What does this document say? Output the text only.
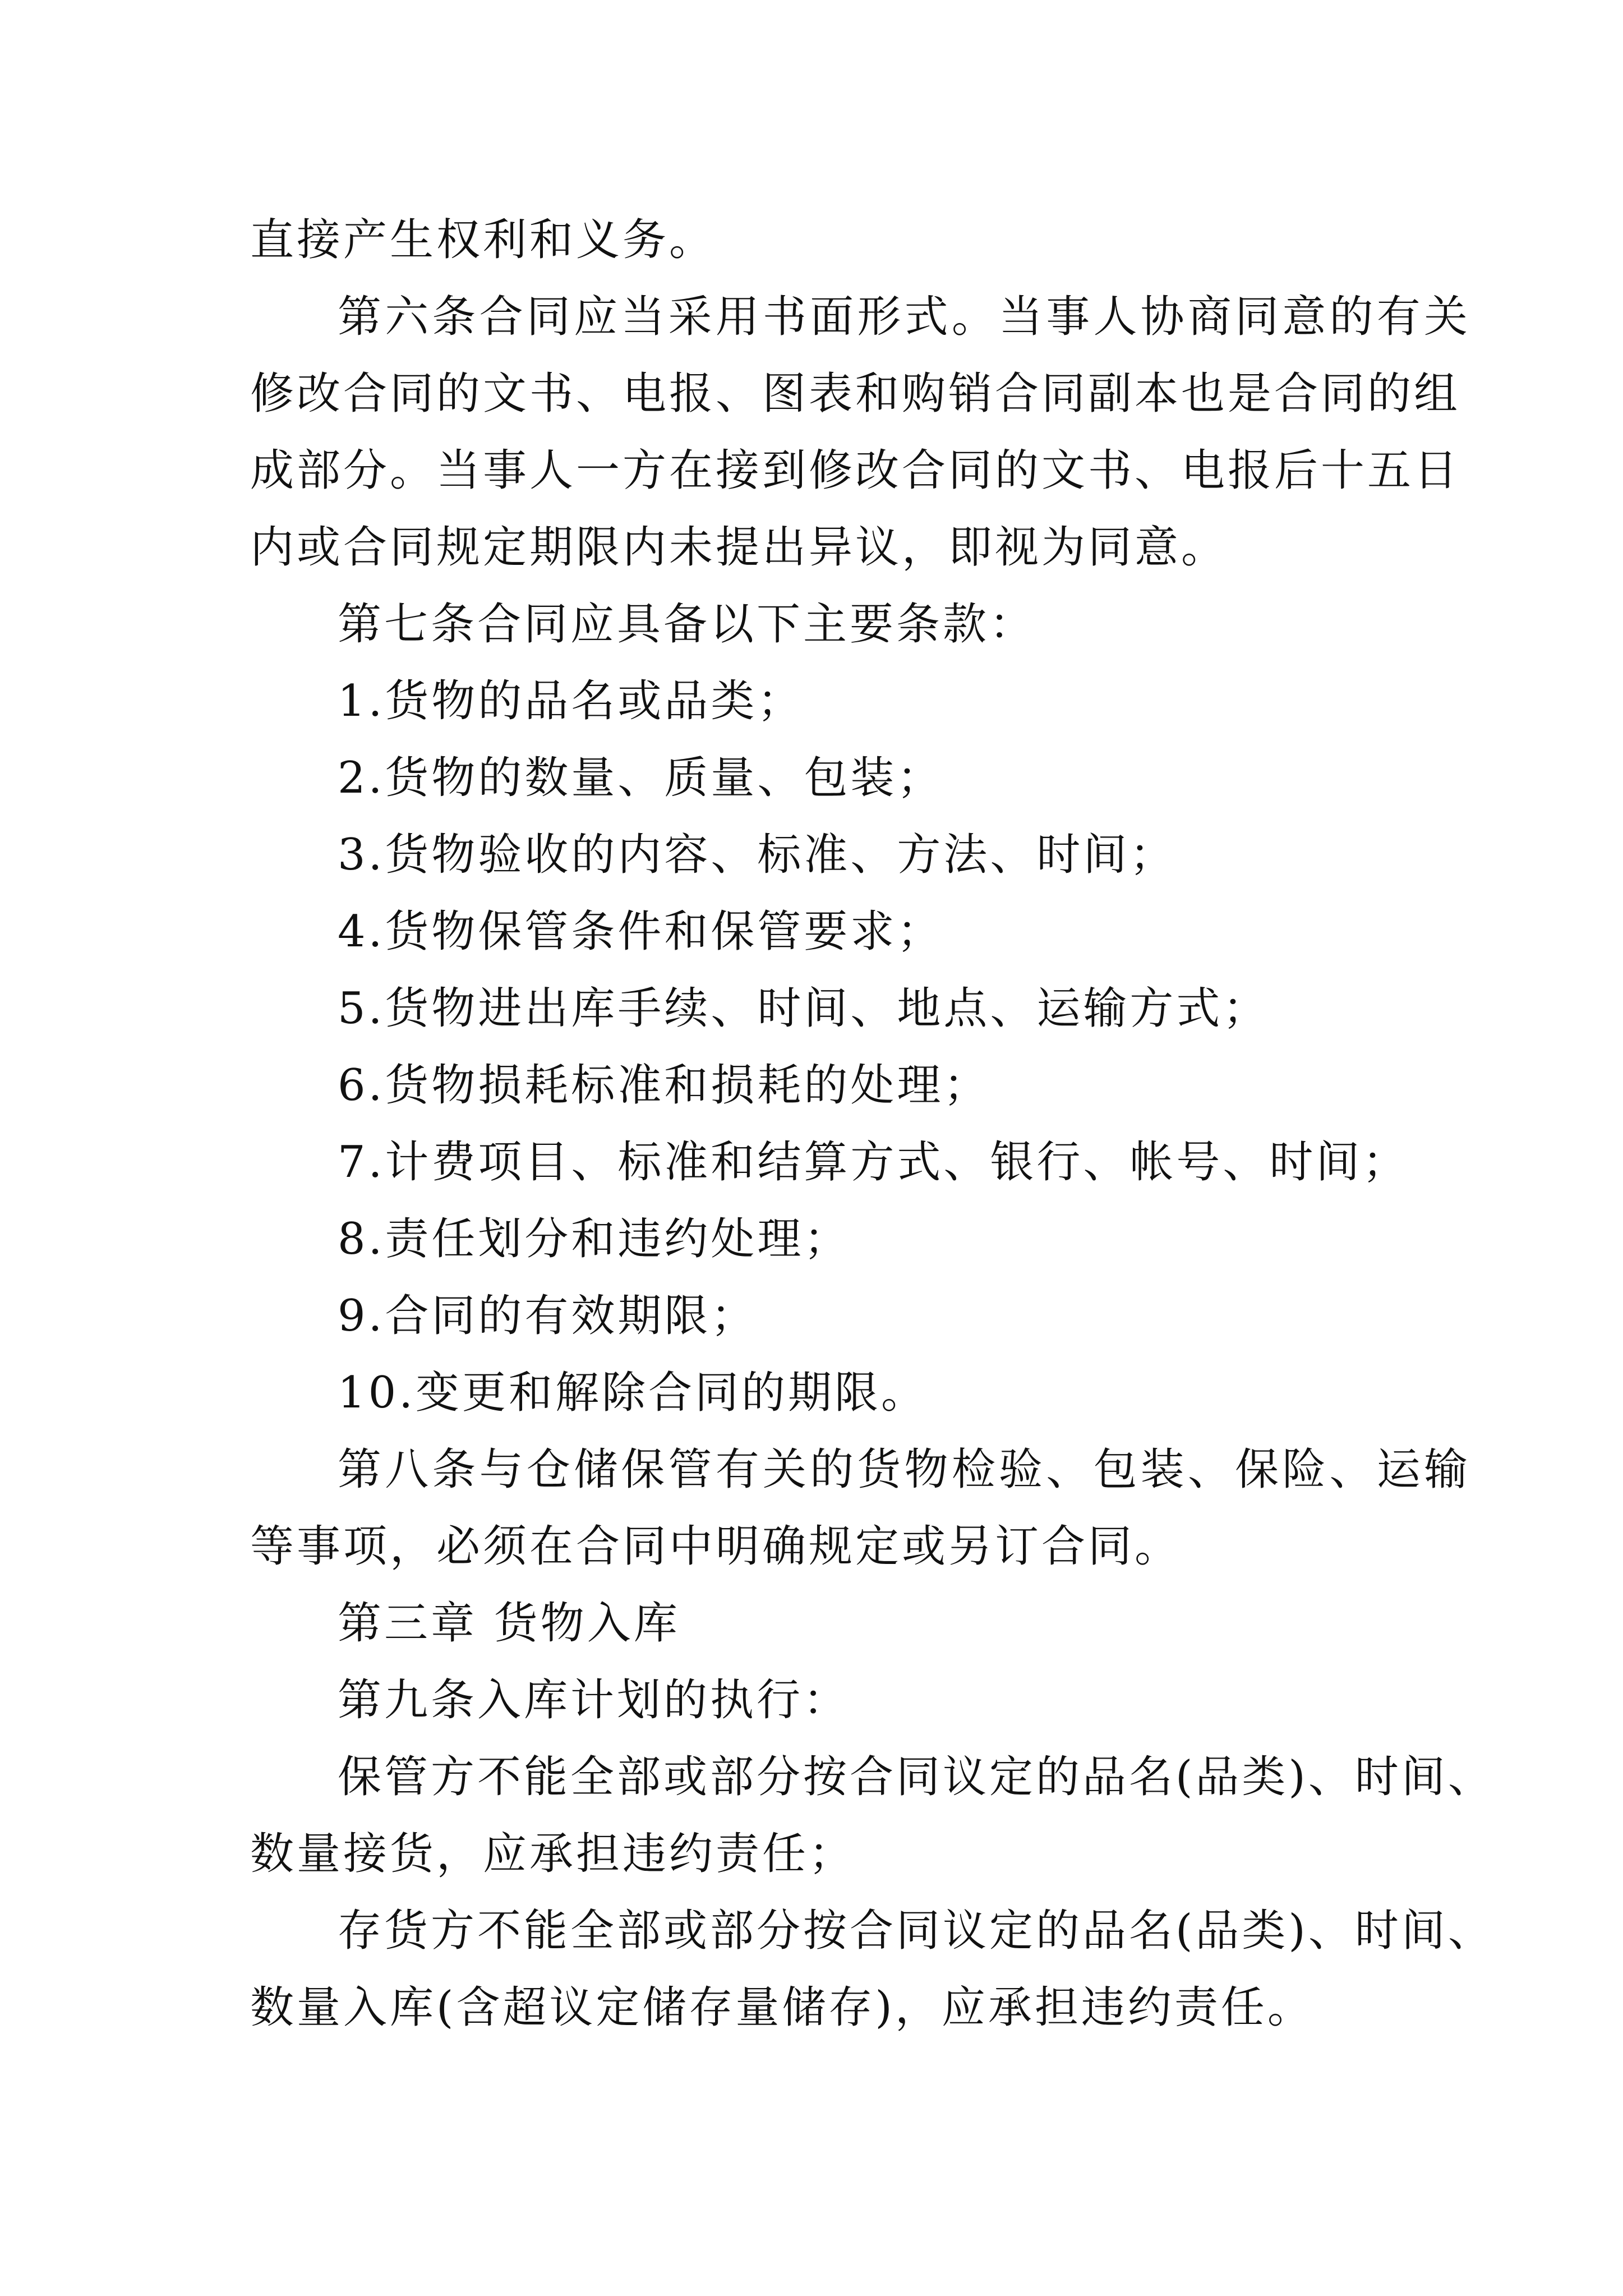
直接产生权利和义务。
第六条合同应当采用书面形式。当事人协商同意的有关
修改合同的文书、电报、图表和购销合同副本也是合同的组
成部分。当事人一方在接到修改合同的文书、电报后十五日
内或合同规定期限内未提出异议，即视为同意。
第七条合同应具备以下主要条款：
1.货物的品名或品类；
2.货物的数量、质量、包装；
3.货物验收的内容、标准、方法、时间；
4.货物保管条件和保管要求；
5.货物进出库手续、时间、地点、运输方式；
6.货物损耗标准和损耗的处理；
7.计费项目、标准和结算方式、银行、帐号、时间；
8.责任划分和违约处理；
9.合同的有效期限；
10.变更和解除合同的期限。
第八条与仓储保管有关的货物检验、包装、保险、运输
等事项，必须在合同中明确规定或另订合同。
第三章 货物入库
第九条入库计划的执行：
保管方不能全部或部分按合同议定的品名(品类)、时间、
数量接货，应承担违约责任；
存货方不能全部或部分按合同议定的品名(品类)、时间、
数量入库(含超议定储存量储存)，应承担违约责任。
